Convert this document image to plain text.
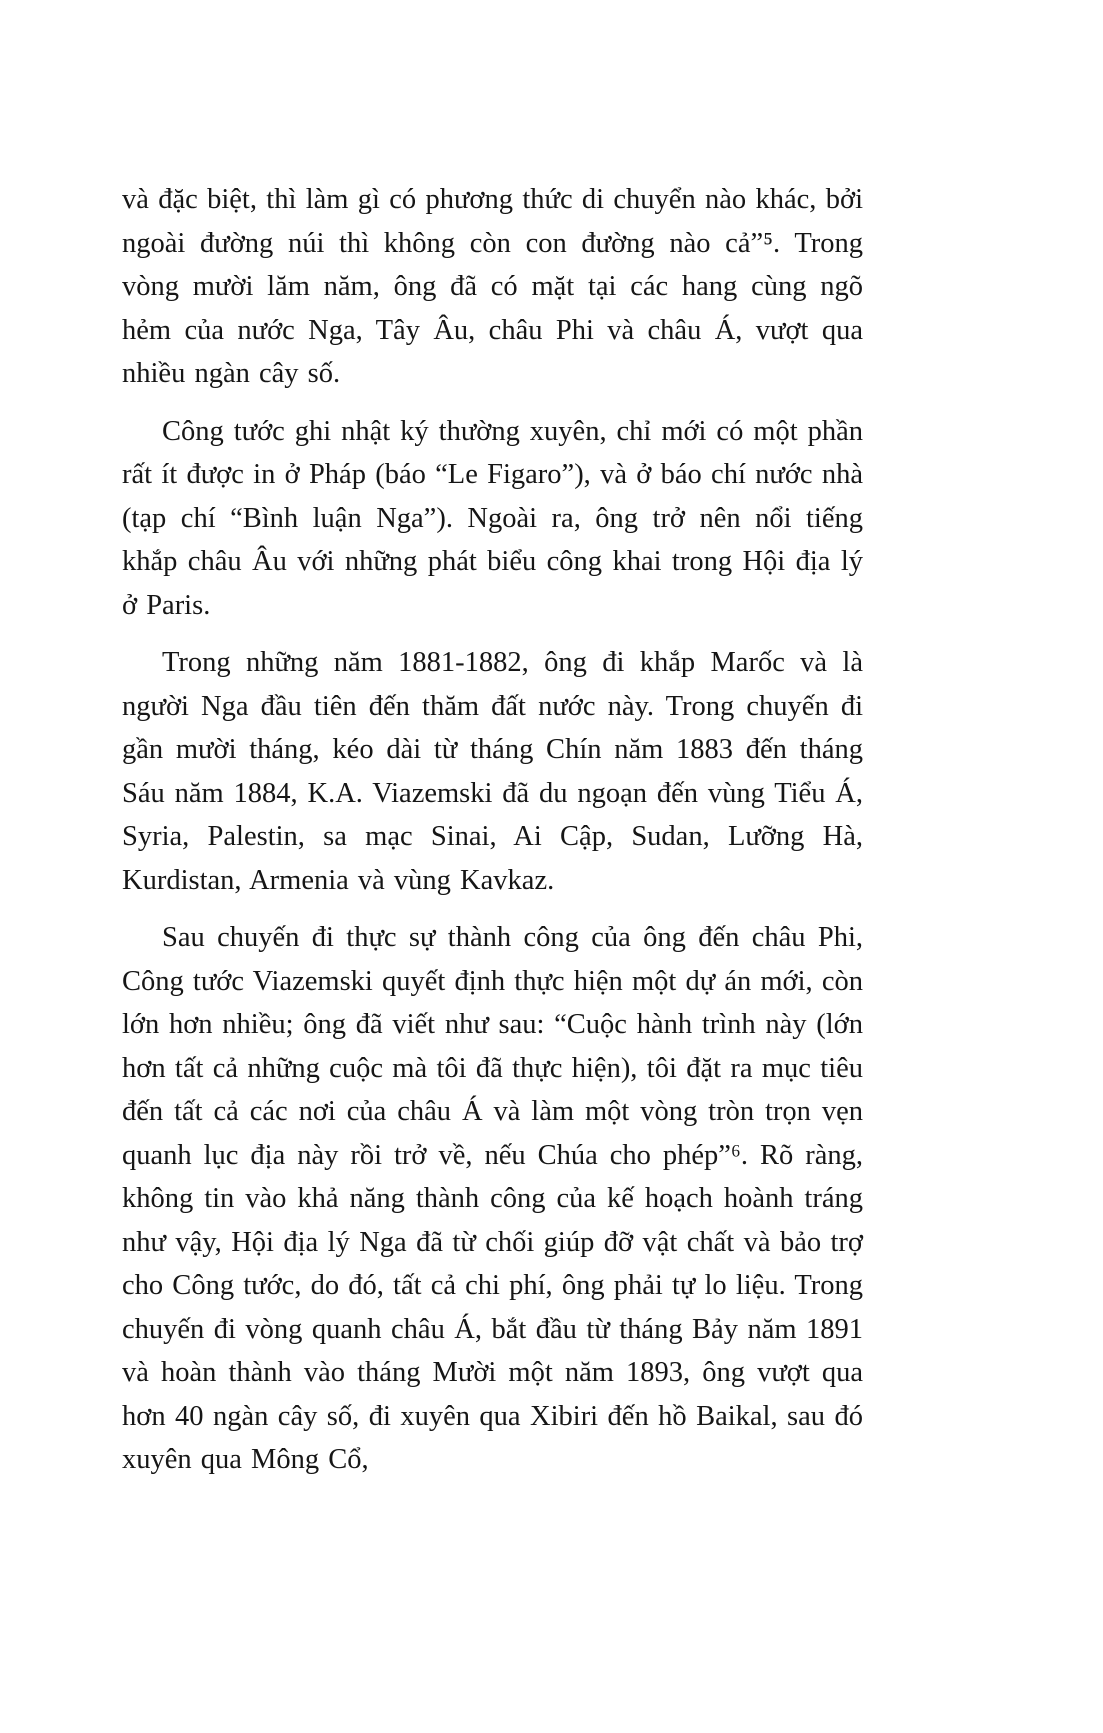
và đặc biệt, thì làm gì có phương thức di chuyển nào khác, bởi ngoài đường núi thì không còn con đường nào cả”⁵. Trong vòng mười lăm năm, ông đã có mặt tại các hang cùng ngõ hẻm của nước Nga, Tây Âu, châu Phi và châu Á, vượt qua nhiều ngàn cây số.

Công tước ghi nhật ký thường xuyên, chỉ mới có một phần rất ít được in ở Pháp (báo “Le Figaro”), và ở báo chí nước nhà (tạp chí “Bình luận Nga”). Ngoài ra, ông trở nên nổi tiếng khắp châu Âu với những phát biểu công khai trong Hội địa lý ở Paris.

Trong những năm 1881-1882, ông đi khắp Marốc và là người Nga đầu tiên đến thăm đất nước này. Trong chuyến đi gần mười tháng, kéo dài từ tháng Chín năm 1883 đến tháng Sáu năm 1884, K.A. Viazemski đã du ngoạn đến vùng Tiểu Á, Syria, Palestin, sa mạc Sinai, Ai Cập, Sudan, Lưỡng Hà, Kurdistan, Armenia và vùng Kavkaz.

Sau chuyến đi thực sự thành công của ông đến châu Phi, Công tước Viazemski quyết định thực hiện một dự án mới, còn lớn hơn nhiều; ông đã viết như sau: “Cuộc hành trình này (lớn hơn tất cả những cuộc mà tôi đã thực hiện), tôi đặt ra mục tiêu đến tất cả các nơi của châu Á và làm một vòng tròn trọn vẹn quanh lục địa này rồi trở về, nếu Chúa cho phép”⁶. Rõ ràng, không tin vào khả năng thành công của kế hoạch hoành tráng như vậy, Hội địa lý Nga đã từ chối giúp đỡ vật chất và bảo trợ cho Công tước, do đó, tất cả chi phí, ông phải tự lo liệu. Trong chuyến đi vòng quanh châu Á, bắt đầu từ tháng Bảy năm 1891 và hoàn thành vào tháng Mười một năm 1893, ông vượt qua hơn 40 ngàn cây số, đi xuyên qua Xibiri đến hồ Baikal, sau đó xuyên qua Mông Cổ,
